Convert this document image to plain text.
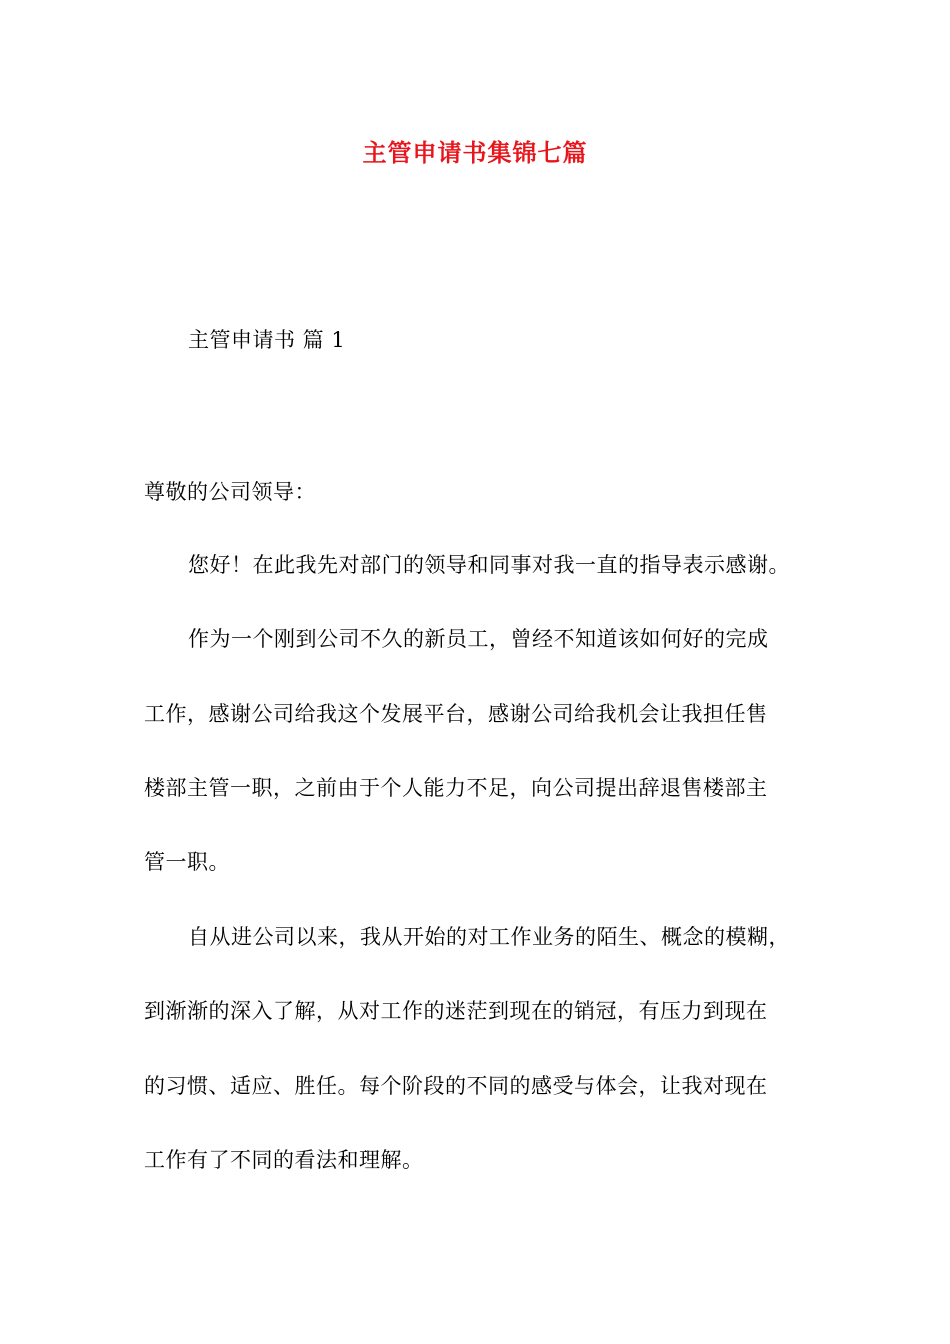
主管申请书集锦七篇
主管申请书 篇 1
尊敬的公司领导：
您好！在此我先对部门的领导和同事对我一直的指导表示感谢。
作为一个刚到公司不久的新员工，曾经不知道该如何好的完成
工作，感谢公司给我这个发展平台，感谢公司给我机会让我担任售
楼部主管一职，之前由于个人能力不足，向公司提出辞退售楼部主
管一职。
自从进公司以来，我从开始的对工作业务的陌生、概念的模糊，
到渐渐的深入了解，从对工作的迷茫到现在的销冠，有压力到现在
的习惯、适应、胜任。每个阶段的不同的感受与体会，让我对现在
工作有了不同的看法和理解。
